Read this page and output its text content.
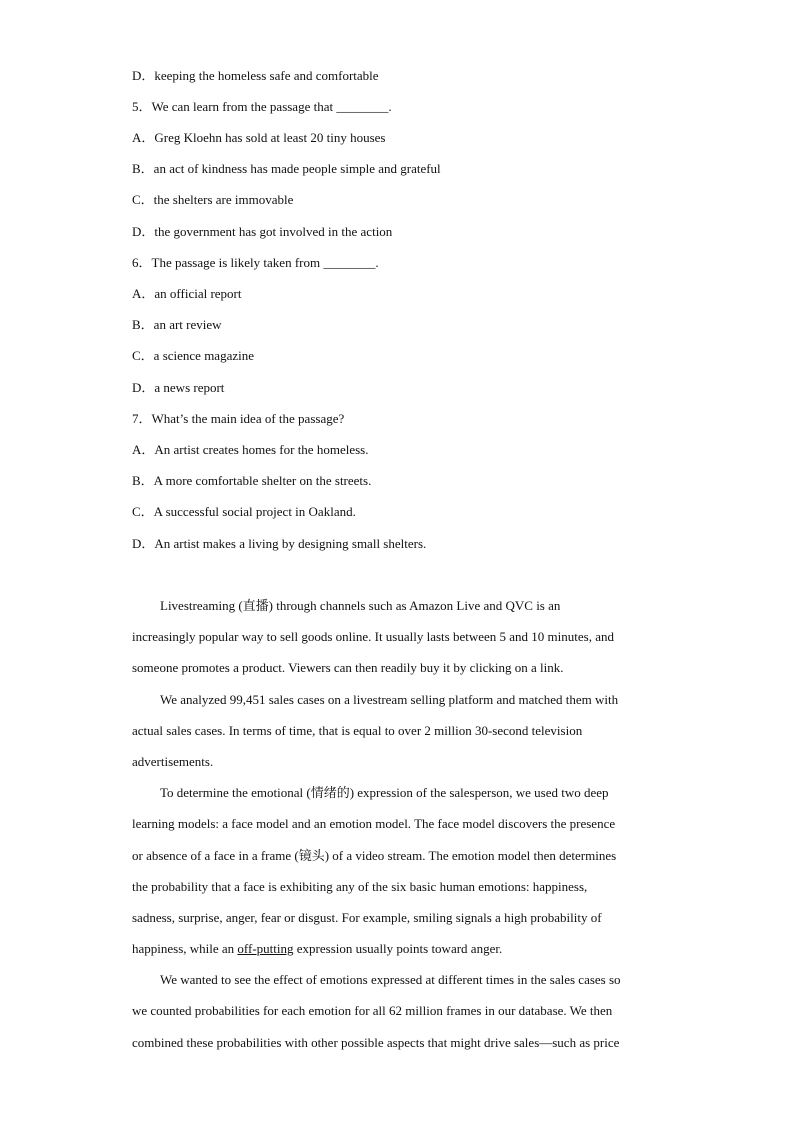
D．keeping the homeless safe and comfortable
5．We can learn from the passage that ________.
A．Greg Kloehn has sold at least 20 tiny houses
B．an act of kindness has made people simple and grateful
C．the shelters are immovable
D．the government has got involved in the action
6．The passage is likely taken from ________.
A．an official report
B．an art review
C．a science magazine
D．a news report
7．What’s the main idea of the passage?
A．An artist creates homes for the homeless.
B．A more comfortable shelter on the streets.
C．A successful social project in Oakland.
D．An artist makes a living by designing small shelters.
Livestreaming (直播) through channels such as Amazon Live and QVC is an
increasingly popular way to sell goods online. It usually lasts between 5 and 10 minutes, and
someone promotes a product. Viewers can then readily buy it by clicking on a link.
We analyzed 99,451 sales cases on a livestream selling platform and matched them with
actual sales cases. In terms of time, that is equal to over 2 million 30-second television
advertisements.
To determine the emotional (情绪的) expression of the salesperson, we used two deep
learning models: a face model and an emotion model. The face model discovers the presence
or absence of a face in a frame (镜头) of a video stream. The emotion model then determines
the probability that a face is exhibiting any of the six basic human emotions: happiness,
sadness, surprise, anger, fear or disgust. For example, smiling signals a high probability of
happiness, while an off-putting expression usually points toward anger.
We wanted to see the effect of emotions expressed at different times in the sales cases so
we counted probabilities for each emotion for all 62 million frames in our database. We then
combined these probabilities with other possible aspects that might drive sales—such as price
